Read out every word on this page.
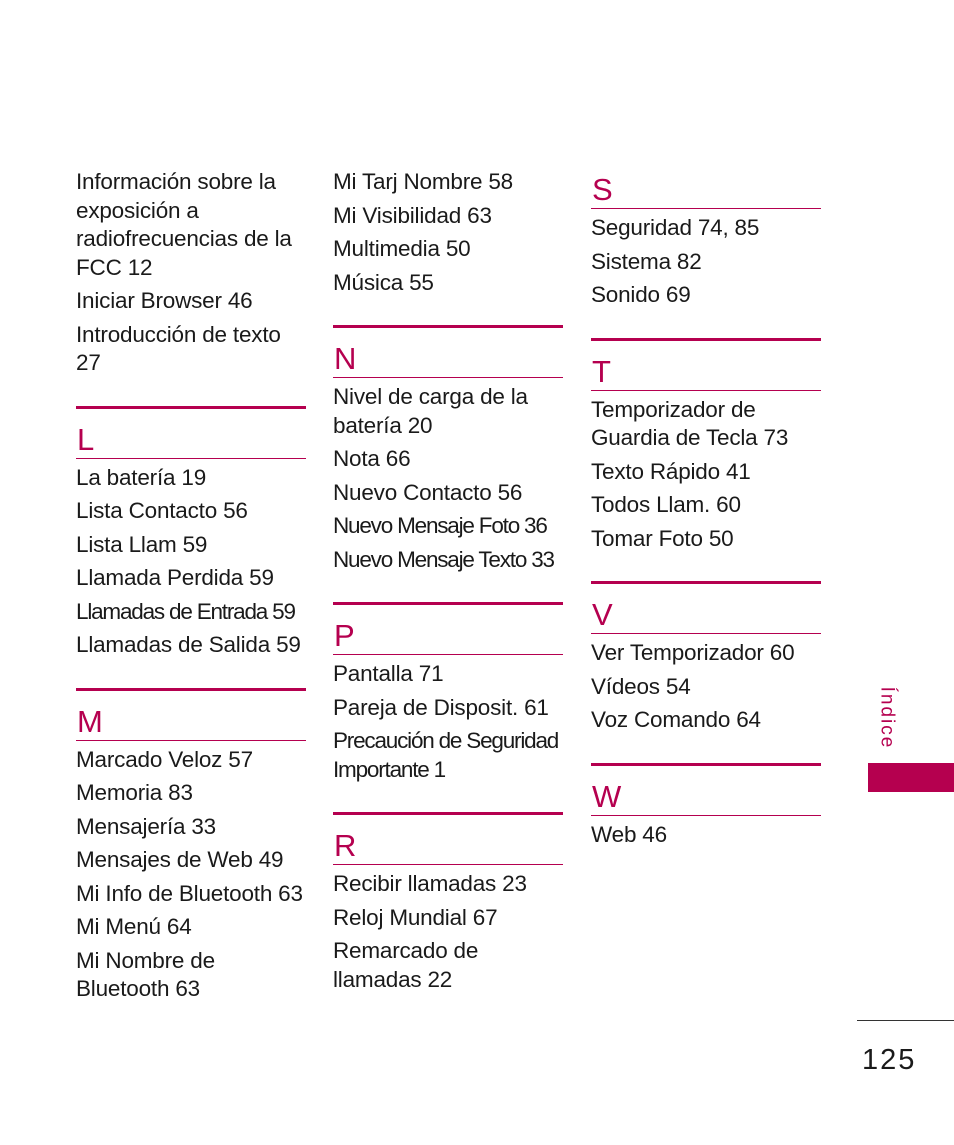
Información sobre la exposición a radiofrecuencias de la FCC 12
Iniciar Browser 46
Introducción de texto 27
L
La batería 19
Lista Contacto 56
Lista Llam 59
Llamada Perdida 59
Llamadas de Entrada 59
Llamadas de Salida 59
M
Marcado Veloz 57
Memoria 83
Mensajería 33
Mensajes de Web 49
Mi Info de Bluetooth 63
Mi Menú 64
Mi Nombre de Bluetooth 63
Mi Tarj Nombre 58
Mi Visibilidad 63
Multimedia 50
Música 55
N
Nivel de carga de la batería 20
Nota 66
Nuevo Contacto 56
Nuevo Mensaje Foto 36
Nuevo Mensaje Texto 33
P
Pantalla 71
Pareja de Disposit. 61
Precaución de Seguridad Importante 1
R
Recibir llamadas 23
Reloj Mundial 67
Remarcado de llamadas 22
S
Seguridad 74, 85
Sistema 82
Sonido 69
T
Temporizador de Guardia de Tecla 73
Texto Rápido 41
Todos Llam. 60
Tomar Foto 50
V
Ver Temporizador 60
Vídeos 54
Voz Comando 64
W
Web 46
Índice
125
